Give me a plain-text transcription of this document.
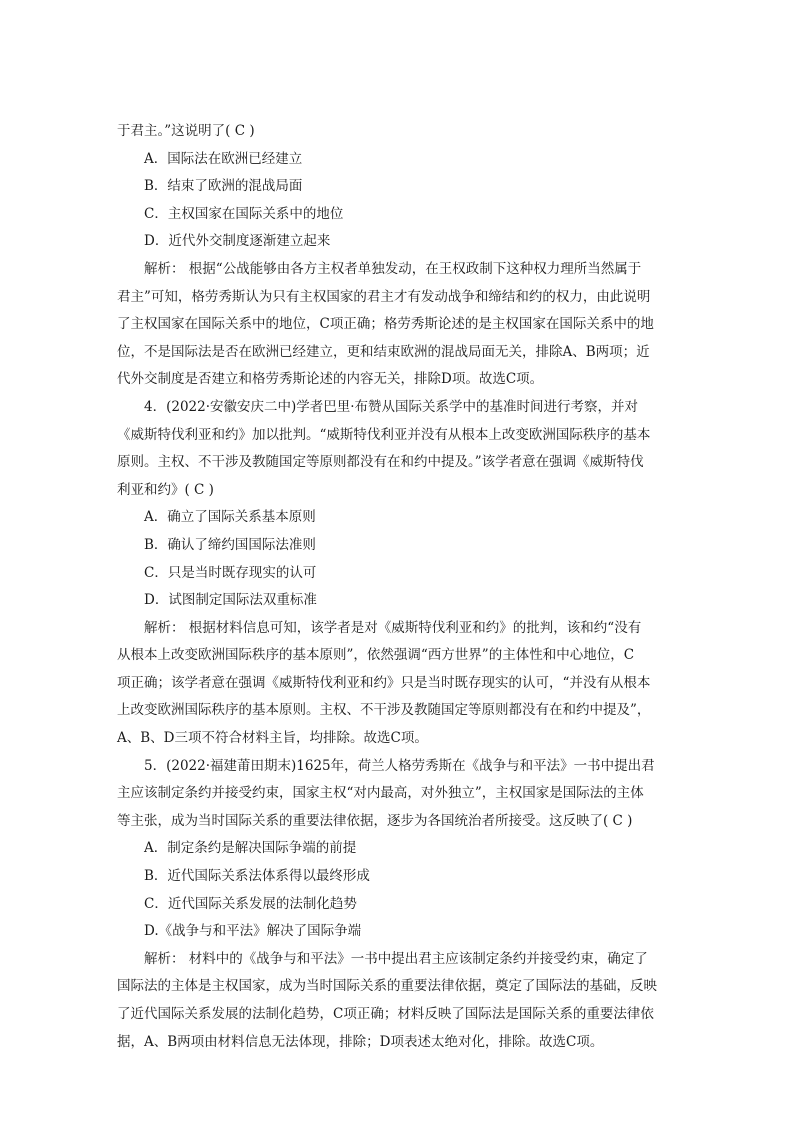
于君主。”这说明了( C )
A．国际法在欧洲已经建立
B．结束了欧洲的混战局面
C．主权国家在国际关系中的地位
D．近代外交制度逐渐建立起来
解析： 根据“公战能够由各方主权者单独发动，在王权政制下这种权力理所当然属于
君主”可知，格劳秀斯认为只有主权国家的君主才有发动战争和缔结和约的权力，由此说明
了主权国家在国际关系中的地位，C项正确；格劳秀斯论述的是主权国家在国际关系中的地
位，不是国际法是否在欧洲已经建立，更和结束欧洲的混战局面无关，排除A、B两项；近
代外交制度是否建立和格劳秀斯论述的内容无关，排除D项。故选C项。
4．(2022·安徽安庆二中)学者巴里·布赞从国际关系学中的基准时间进行考察，并对
《威斯特伐利亚和约》加以批判。“威斯特伐利亚并没有从根本上改变欧洲国际秩序的基本
原则。主权、不干涉及教随国定等原则都没有在和约中提及。”该学者意在强调《威斯特伐
利亚和约》( C )
A．确立了国际关系基本原则
B．确认了缔约国国际法准则
C．只是当时既存现实的认可
D．试图制定国际法双重标准
解析： 根据材料信息可知，该学者是对《威斯特伐利亚和约》的批判，该和约“没有
从根本上改变欧洲国际秩序的基本原则”，依然强调“西方世界”的主体性和中心地位，C
项正确；该学者意在强调《威斯特伐利亚和约》只是当时既存现实的认可，“并没有从根本
上改变欧洲国际秩序的基本原则。主权、不干涉及教随国定等原则都没有在和约中提及”，
A、B、D三项不符合材料主旨，均排除。故选C项。
5．(2022·福建莆田期末)1625年，荷兰人格劳秀斯在《战争与和平法》一书中提出君
主应该制定条约并接受约束，国家主权“对内最高，对外独立”，主权国家是国际法的主体
等主张，成为当时国际关系的重要法律依据，逐步为各国统治者所接受。这反映了( C )
A．制定条约是解决国际争端的前提
B．近代国际关系法体系得以最终形成
C．近代国际关系发展的法制化趋势
D.《战争与和平法》解决了国际争端
解析： 材料中的《战争与和平法》一书中提出君主应该制定条约并接受约束，确定了
国际法的主体是主权国家，成为当时国际关系的重要法律依据，奠定了国际法的基础，反映
了近代国际关系发展的法制化趋势，C项正确；材料反映了国际法是国际关系的重要法律依
据，A、B两项由材料信息无法体现，排除；D项表述太绝对化，排除。故选C项。
